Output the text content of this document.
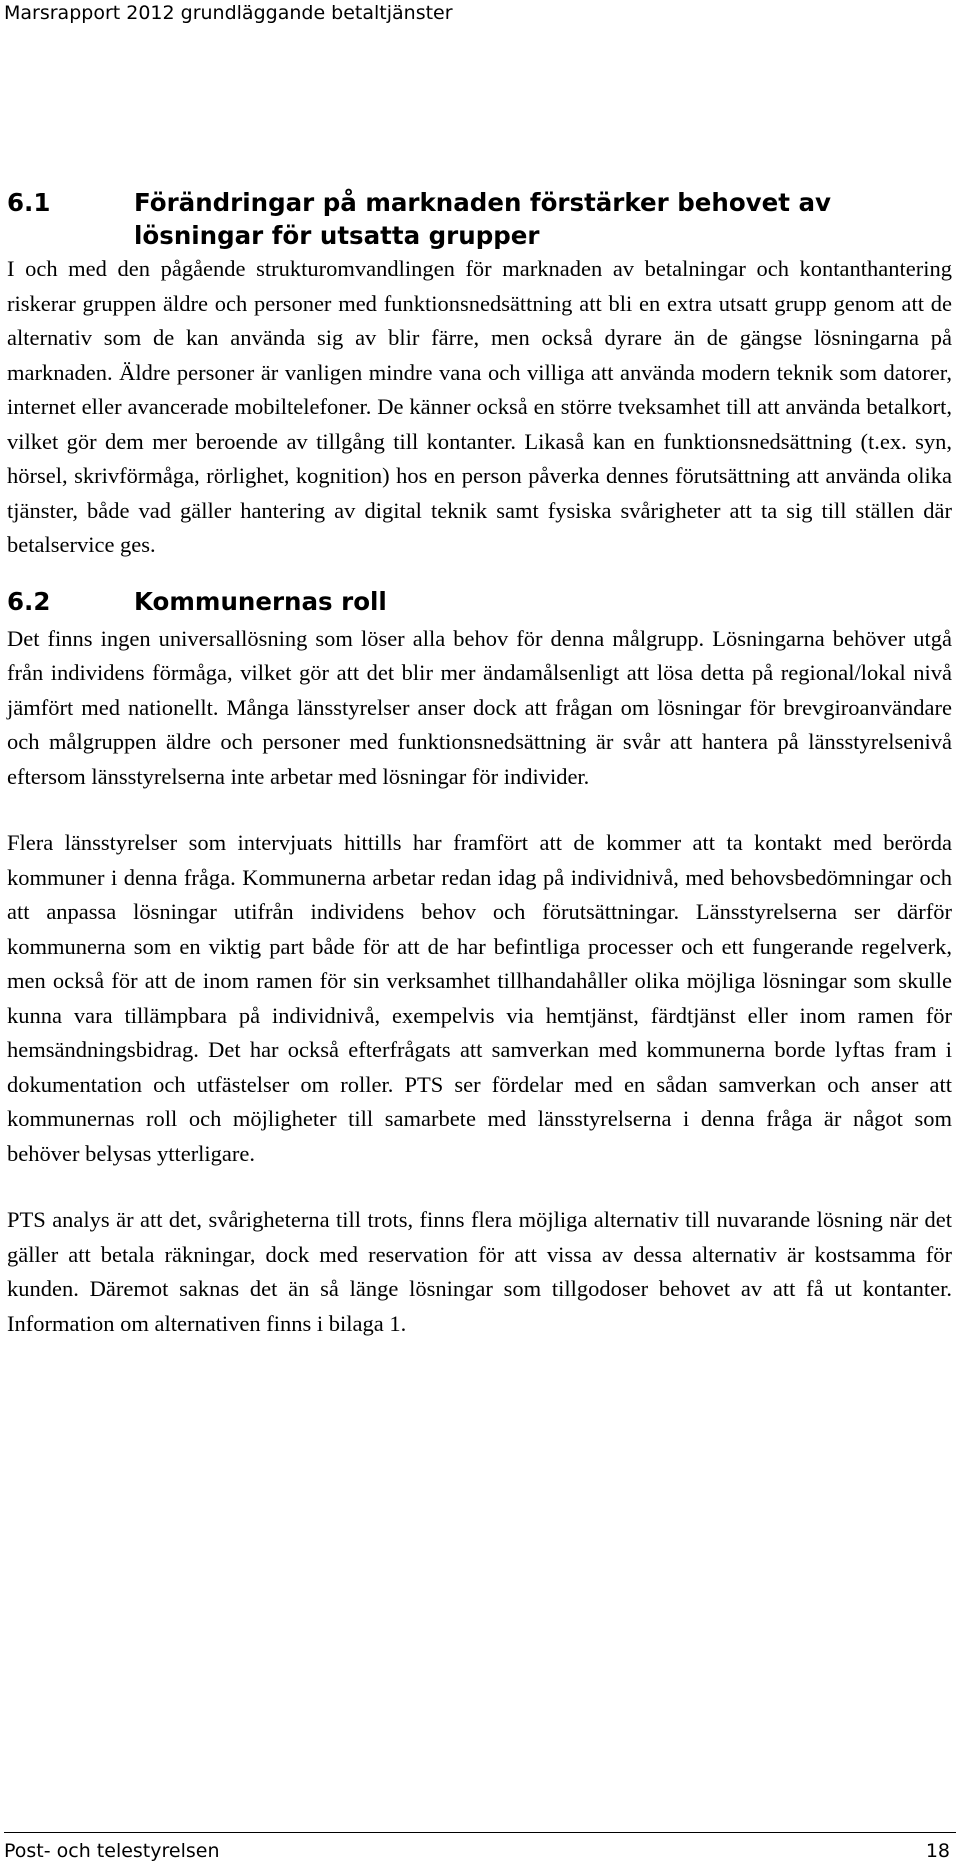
Marsrapport 2012 grundläggande betaltjänster
6.1	Förändringar på marknaden förstärker behovet av lösningar för utsatta grupper

I och med den pågående strukturomvandlingen för marknaden av betalningar och kontanthantering riskerar gruppen äldre och personer med funktionsnedsättning att bli en extra utsatt grupp genom att de alternativ som de kan använda sig av blir färre, men också dyrare än de gängse lösningarna på marknaden. Äldre personer är vanligen mindre vana och villiga att använda modern teknik som datorer, internet eller avancerade mobiltelefoner. De känner också en större tveksamhet till att använda betalkort, vilket gör dem mer beroende av tillgång till kontanter. Likaså kan en funktionsnedsättning (t.ex. syn, hörsel, skrivförmåga, rörlighet, kognition) hos en person påverka dennes förutsättning att använda olika tjänster, både vad gäller hantering av digital teknik samt fysiska svårigheter att ta sig till ställen där betalservice ges.

6.2	Kommunernas roll

Det finns ingen universallösning som löser alla behov för denna målgrupp. Lösningarna behöver utgå från individens förmåga, vilket gör att det blir mer ändamålsenligt att lösa detta på regional/lokal nivå jämfört med nationellt. Många länsstyrelser anser dock att frågan om lösningar för brevgiroanvändare och målgruppen äldre och personer med funktionsnedsättning är svår att hantera på länsstyrelsenivå eftersom länsstyrelserna inte arbetar med lösningar för individer.

Flera länsstyrelser som intervjuats hittills har framfört att de kommer att ta kontakt med berörda kommuner i denna fråga. Kommunerna arbetar redan idag på individnivå, med behovsbedömningar och att anpassa lösningar utifrån individens behov och förutsättningar. Länsstyrelserna ser därför kommunerna som en viktig part både för att de har befintliga processer och ett fungerande regelverk, men också för att de inom ramen för sin verksamhet tillhandahåller olika möjliga lösningar som skulle kunna vara tillämpbara på individnivå, exempelvis via hemtjänst, färdtjänst eller inom ramen för hemsändningsbidrag. Det har också efterfrågats att samverkan med kommunerna borde lyftas fram i dokumentation och utfästelser om roller. PTS ser fördelar med en sådan samverkan och anser att kommunernas roll och möjligheter till samarbete med länsstyrelserna i denna fråga är något som behöver belysas ytterligare.

PTS analys är att det, svårigheterna till trots, finns flera möjliga alternativ till nuvarande lösning när det gäller att betala räkningar, dock med reservation för att vissa av dessa alternativ är kostsamma för kunden. Däremot saknas det än så länge lösningar som tillgodoser behovet av att få ut kontanter. Information om alternativen finns i bilaga 1.

Post- och telestyrelsen	18
